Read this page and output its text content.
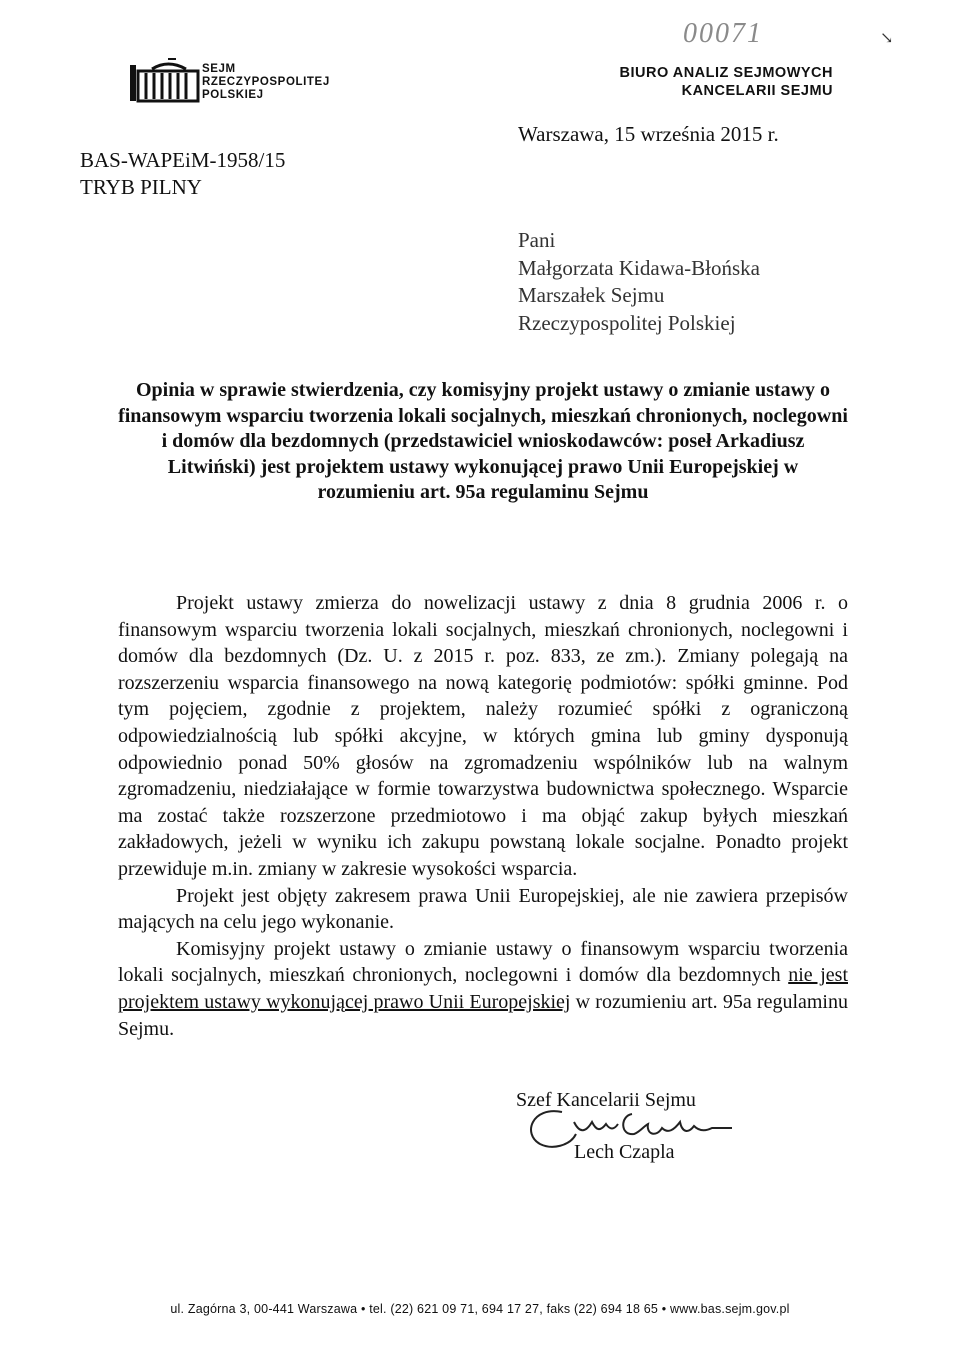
SEJM
RZECZYPOSPOLITEJ
POLSKIEJ
00071	↘
BIURO ANALIZ SEJMOWYCH
KANCELARII SEJMU
Warszawa, 15 września 2015 r.
BAS-WAPEiM-1958/15
TRYB PILNY
Pani
Małgorzata Kidawa-Błońska
Marszałek Sejmu
Rzeczypospolitej Polskiej
Opinia w sprawie stwierdzenia, czy komisyjny projekt ustawy o zmianie ustawy o finansowym wsparciu tworzenia lokali socjalnych, mieszkań chronionych, noclegowni i domów dla bezdomnych (przedstawiciel wnioskodawców: poseł Arkadiusz Litwiński) jest projektem ustawy wykonującej prawo Unii Europejskiej w rozumieniu art. 95a regulaminu Sejmu

Projekt ustawy zmierza do nowelizacji ustawy z dnia 8 grudnia 2006 r. o finansowym wsparciu tworzenia lokali socjalnych, mieszkań chronionych, noclegowni i domów dla bezdomnych (Dz. U. z 2015 r. poz. 833, ze zm.). Zmiany polegają na rozszerzeniu wsparcia finansowego na nową kategorię podmiotów: spółki gminne. Pod tym pojęciem, zgodnie z projektem, należy rozumieć spółki z ograniczoną odpowiedzialnością lub spółki akcyjne, w których gmina lub gminy dysponują odpowiednio ponad 50% głosów na zgromadzeniu wspólników lub na walnym zgromadzeniu, niedziałające w formie towarzystwa budownictwa społecznego. Wsparcie ma zostać także rozszerzone przedmiotowo i ma objąć zakup byłych mieszkań zakładowych, jeżeli w wyniku ich zakupu powstaną lokale socjalne. Ponadto projekt przewiduje m.in. zmiany w zakresie wysokości wsparcia.

Projekt jest objęty zakresem prawa Unii Europejskiej, ale nie zawiera przepisów mających na celu jego wykonanie.

Komisyjny projekt ustawy o zmianie ustawy o finansowym wsparciu tworzenia lokali socjalnych, mieszkań chronionych, noclegowni i domów dla bezdomnych nie jest projektem ustawy wykonującej prawo Unii Europejskiej w rozumieniu art. 95a regulaminu Sejmu.

Szef Kancelarii Sejmu
Lech Czapla
ul. Zagórna 3, 00-441 Warszawa • tel. (22) 621 09 71, 694 17 27, faks (22) 694 18 65 • www.bas.sejm.gov.pl
